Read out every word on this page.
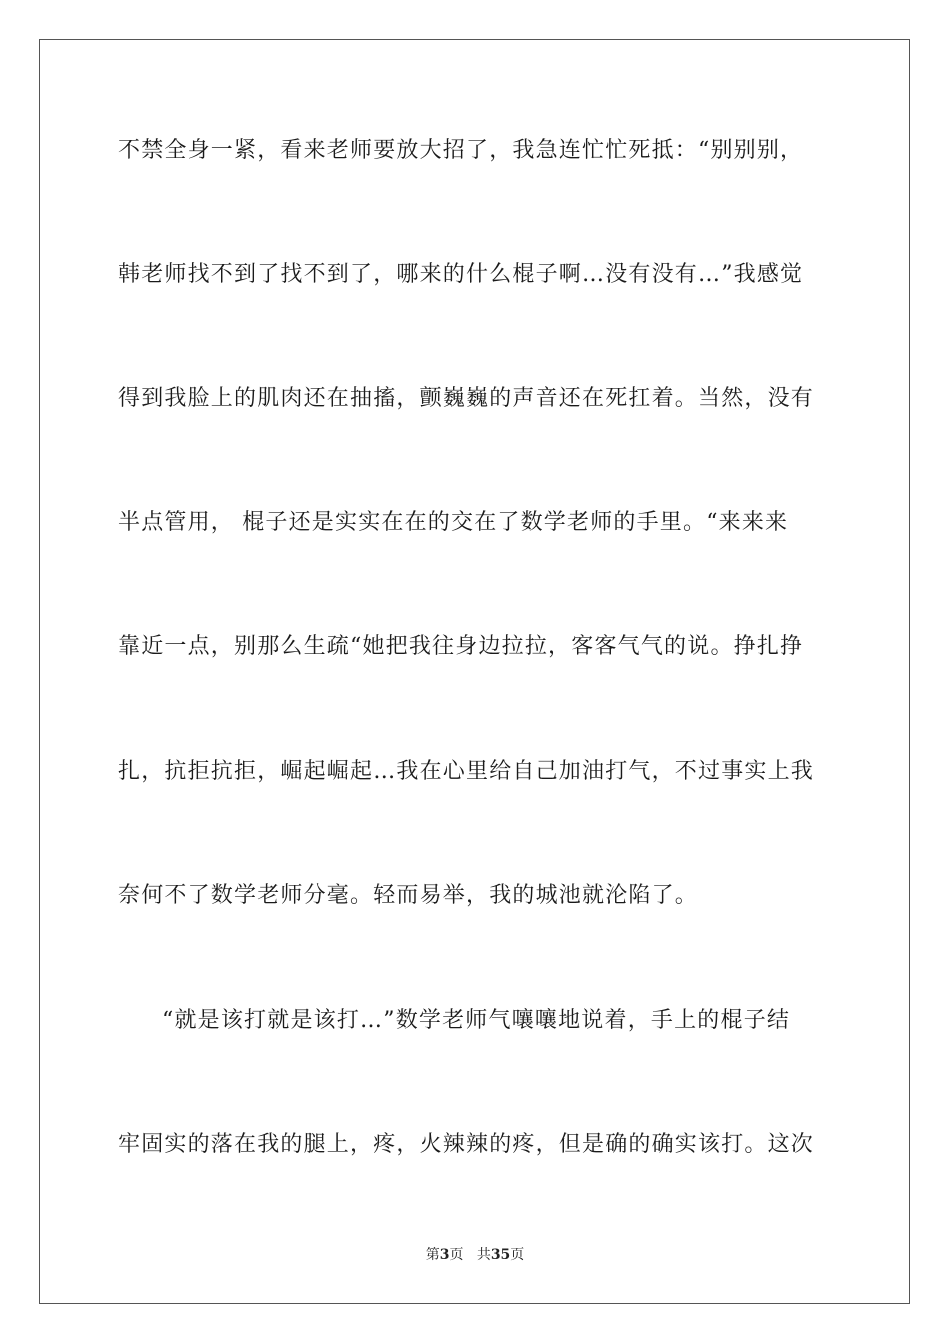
不禁全身一紧，看来老师要放大招了，我急连忙忙死抵：“别别别，
韩老师找不到了找不到了，哪来的什么棍子啊…没有没有…”我感觉
得到我脸上的肌肉还在抽搐，颤巍巍的声音还在死扛着。当然，没有
半点管用， 棍子还是实实在在的交在了数学老师的手里。“来来来
靠近一点，别那么生疏“她把我往身边拉拉，客客气气的说。挣扎挣
扎，抗拒抗拒，崛起崛起…我在心里给自己加油打气，不过事实上我
奈何不了数学老师分毫。轻而易举，我的城池就沦陷了。
“就是该打就是该打…”数学老师气嚷嚷地说着，手上的棍子结
牢固实的落在我的腿上，疼，火辣辣的疼，但是确的确实该打。这次
第3页 共35页
